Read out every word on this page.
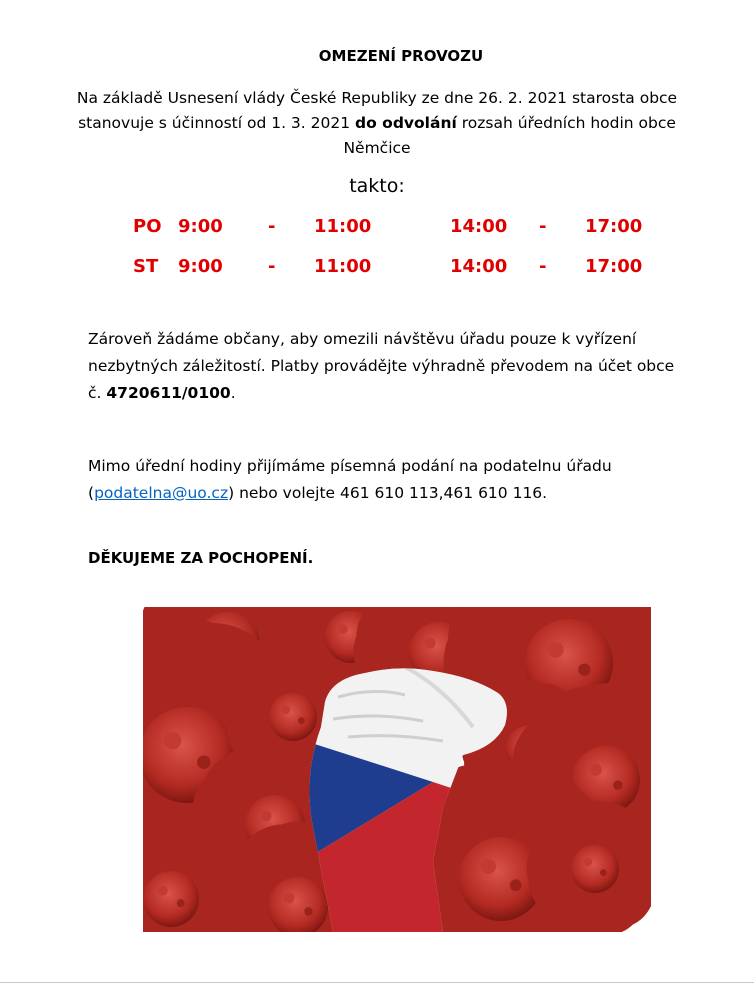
OMEZENÍ PROVOZU
Na základě Usnesení vlády České Republiky ze dne 26. 2. 2021 starosta obce stanovuje s účinností od 1. 3. 2021 do odvolání rozsah úředních hodin obce Němčice
takto:
PO 9:00	- 11:00	14:00 - 17:00
ST 9:00	- 11:00	14:00 - 17:00
Zároveň žádáme občany, aby omezili návštěvu úřadu pouze k vyřízení nezbytných záležitostí. Platby provádějte výhradně převodem na účet obce č. 4720611/0100.
Mimo úřední hodiny přijímáme písemná podání na podatelnu úřadu (podatelna@uo.cz) nebo volejte 461 610 113,461 610 116.
DĚKUJEME ZA POCHOPENÍ.
